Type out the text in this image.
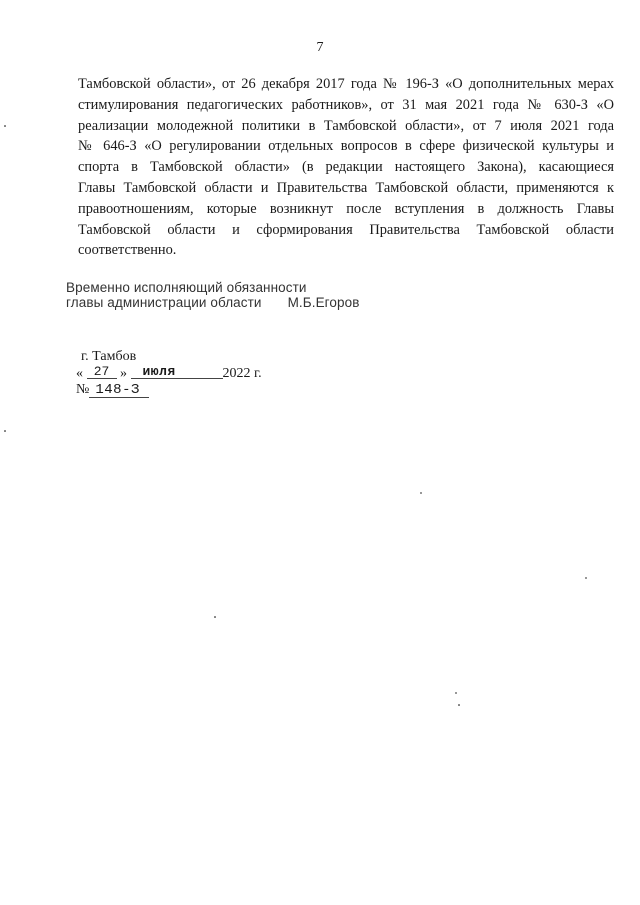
7
Тамбовской области», от 26 декабря 2017 года № 196-З «О дополнительных мерах
стимулирования педагогических работников», от 31 мая 2021 года № 630-З «О
реализации молодежной политики в Тамбовской области», от 7 июля 2021 года
№ 646-З «О регулировании отдельных вопросов в сфере физической культуры и
спорта в Тамбовской области» (в редакции настоящего Закона), касающиеся
Главы Тамбовской области и Правительства Тамбовской области, применяются к
правоотношениям, которые возникнут после вступления в должность Главы
Тамбовской области и сформирования Правительства Тамбовской области
соответственно.
Временно исполняющий обязанности
главы администрации области М.Б.Егоров
г. Тамбов
« 27 » июля	2022 г.
№ 148-З
